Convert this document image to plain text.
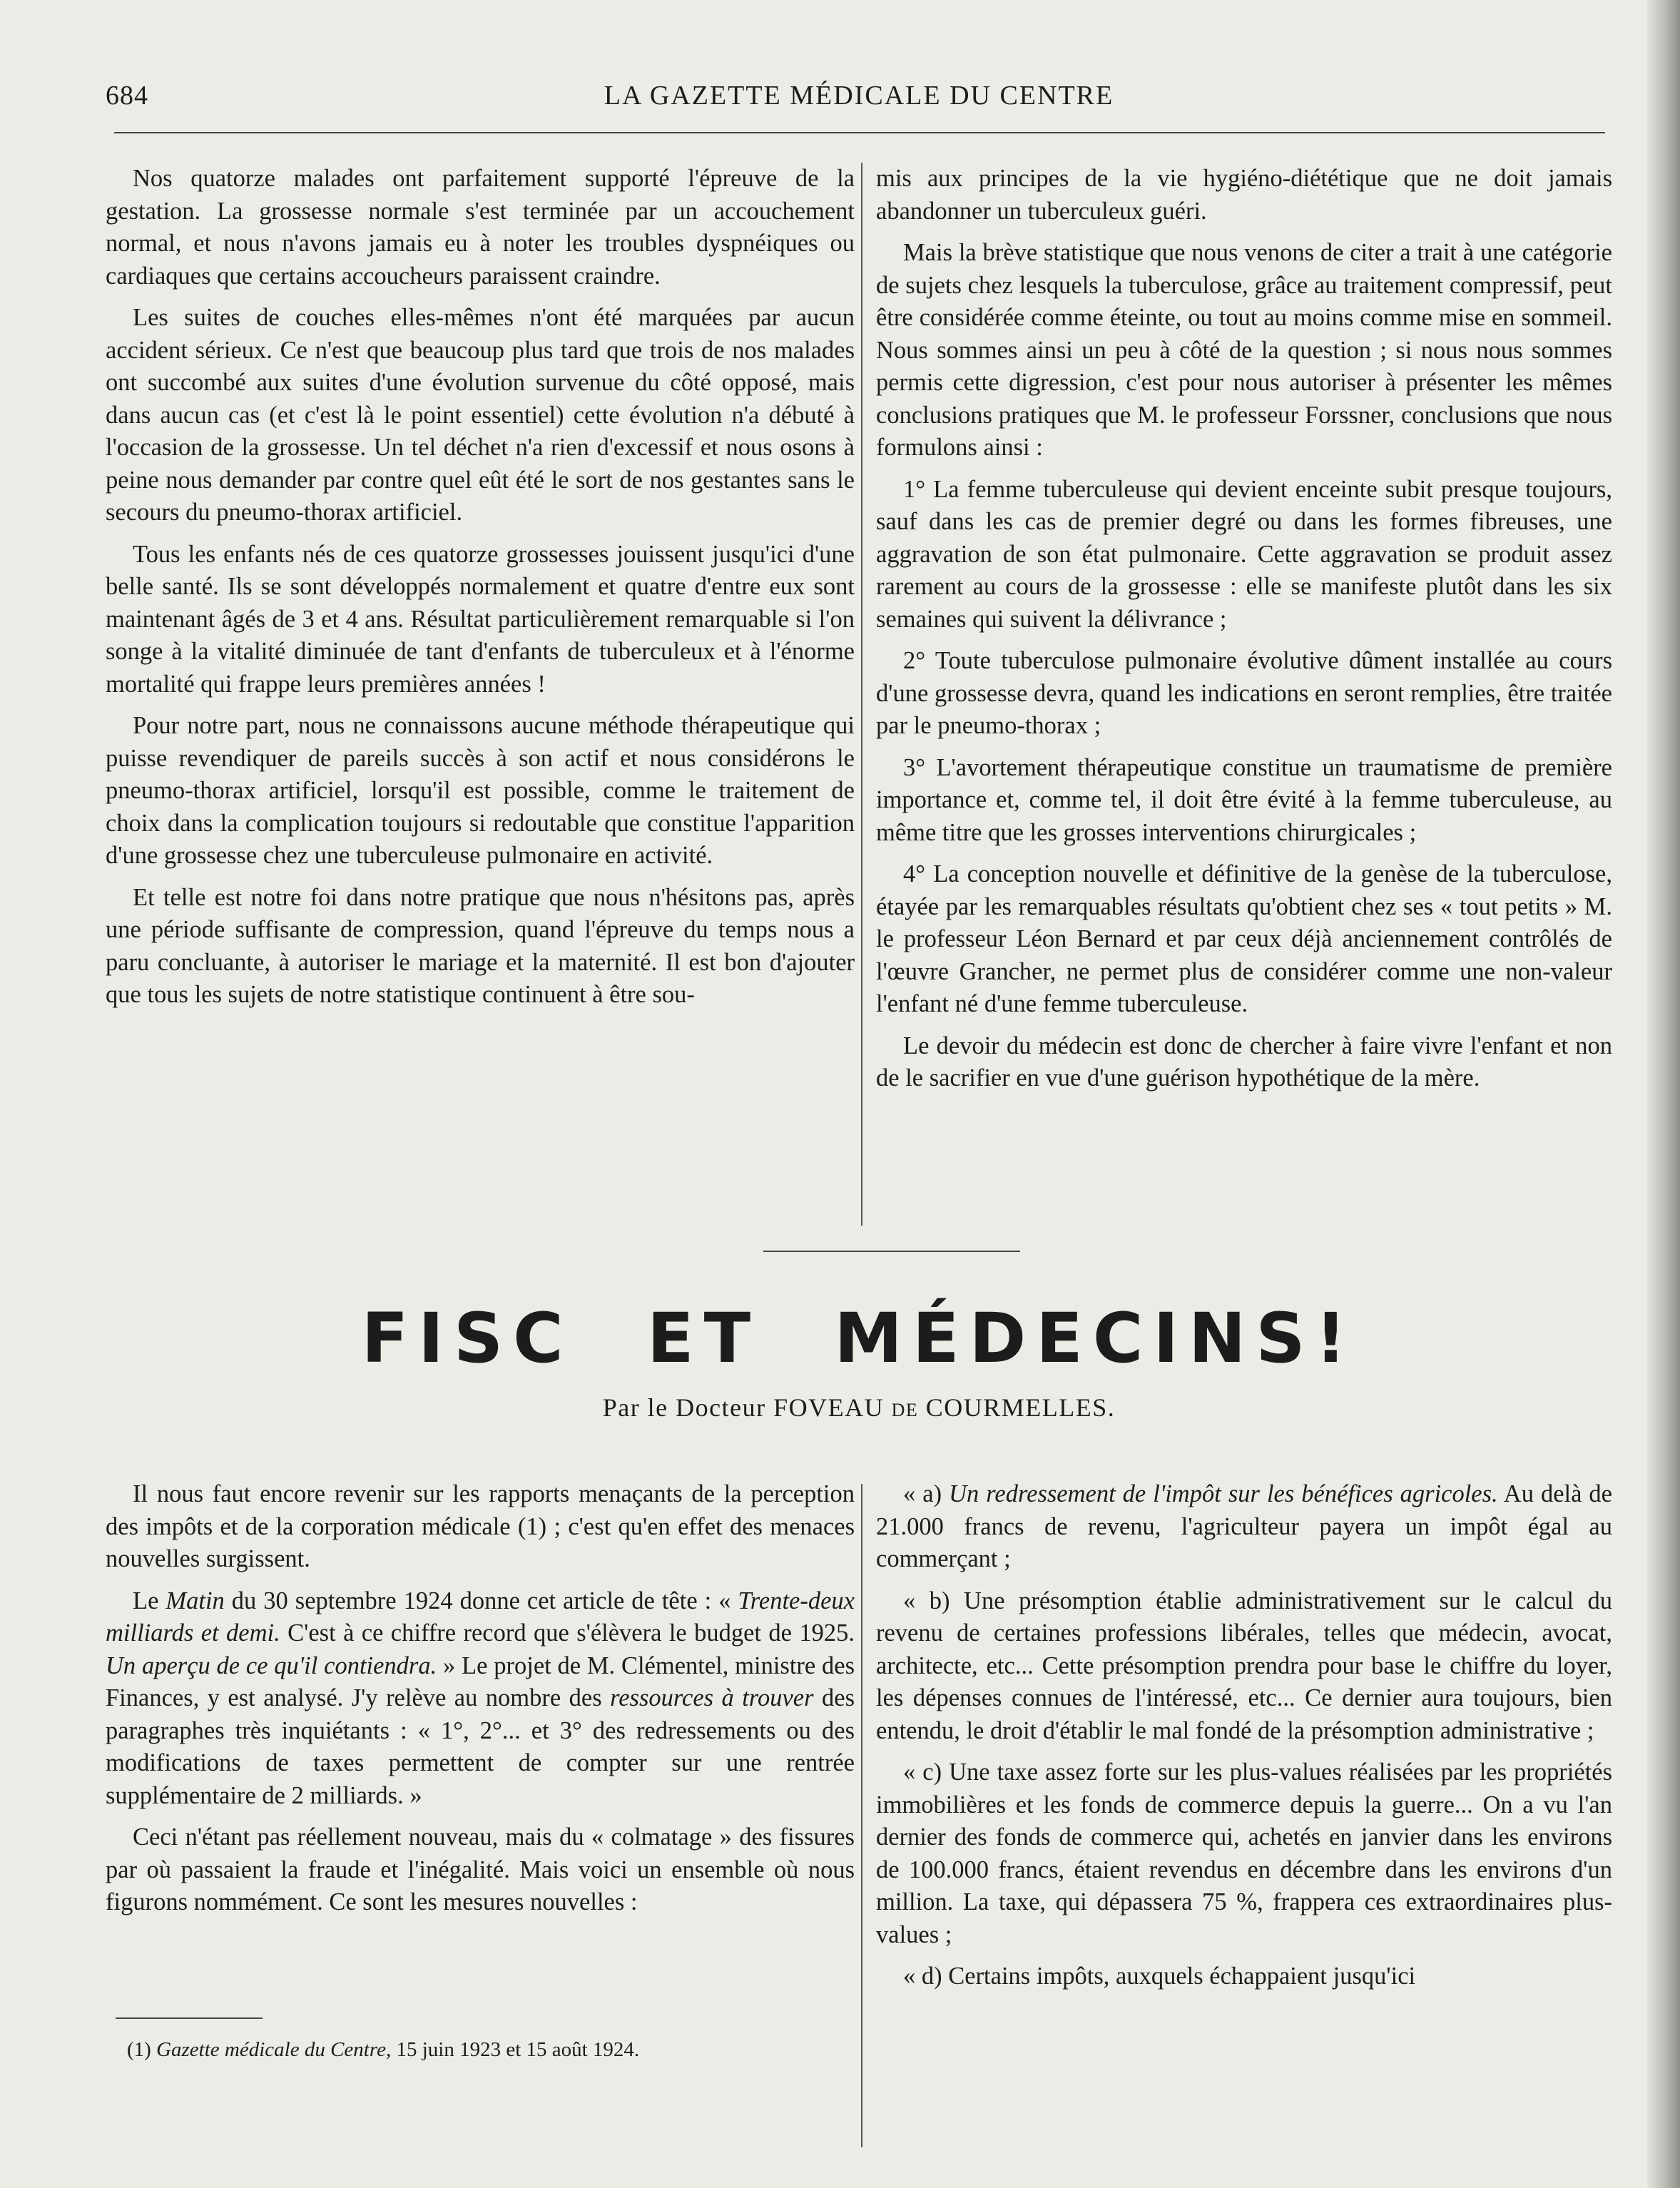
684	LA GAZETTE MÉDICALE DU CENTRE

Nos quatorze malades ont parfaitement supporté l'épreuve de la gestation. La grossesse normale s'est terminée par un accouchement normal, et nous n'avons jamais eu à noter les troubles dyspnéiques ou cardiaques que certains accoucheurs paraissent craindre.

Les suites de couches elles-mêmes n'ont été marquées par aucun accident sérieux. Ce n'est que beaucoup plus tard que trois de nos malades ont succombé aux suites d'une évolution survenue du côté opposé, mais dans aucun cas (et c'est là le point essentiel) cette évolution n'a débuté à l'occasion de la grossesse. Un tel déchet n'a rien d'excessif et nous osons à peine nous demander par contre quel eût été le sort de nos gestantes sans le secours du pneumo-thorax artificiel.

Tous les enfants nés de ces quatorze grossesses jouissent jusqu'ici d'une belle santé. Ils se sont développés normalement et quatre d'entre eux sont maintenant âgés de 3 et 4 ans. Résultat particulièrement remarquable si l'on songe à la vitalité diminuée de tant d'enfants de tuberculeux et à l'énorme mortalité qui frappe leurs premières années !

Pour notre part, nous ne connaissons aucune méthode thérapeutique qui puisse revendiquer de pareils succès à son actif et nous considérons le pneumo-thorax artificiel, lorsqu'il est possible, comme le traitement de choix dans la complication toujours si redoutable que constitue l'apparition d'une grossesse chez une tuberculeuse pulmonaire en activité.

Et telle est notre foi dans notre pratique que nous n'hésitons pas, après une période suffisante de compression, quand l'épreuve du temps nous a paru concluante, à autoriser le mariage et la maternité. Il est bon d'ajouter que tous les sujets de notre statistique continuent à être sou-

mis aux principes de la vie hygiéno-diététique que ne doit jamais abandonner un tuberculeux guéri.

Mais la brève statistique que nous venons de citer a trait à une catégorie de sujets chez lesquels la tuberculose, grâce au traitement compressif, peut être considérée comme éteinte, ou tout au moins comme mise en sommeil. Nous sommes ainsi un peu à côté de la question ; si nous nous sommes permis cette digression, c'est pour nous autoriser à présenter les mêmes conclusions pratiques que M. le professeur Forssner, conclusions que nous formulons ainsi :

1° La femme tuberculeuse qui devient enceinte subit presque toujours, sauf dans les cas de premier degré ou dans les formes fibreuses, une aggravation de son état pulmonaire. Cette aggravation se produit assez rarement au cours de la grossesse : elle se manifeste plutôt dans les six semaines qui suivent la délivrance ;

2° Toute tuberculose pulmonaire évolutive dûment installée au cours d'une grossesse devra, quand les indications en seront remplies, être traitée par le pneumo-thorax ;

3° L'avortement thérapeutique constitue un traumatisme de première importance et, comme tel, il doit être évité à la femme tuberculeuse, au même titre que les grosses interventions chirurgicales ;

4° La conception nouvelle et définitive de la genèse de la tuberculose, étayée par les remarquables résultats qu'obtient chez ses « tout petits » M. le professeur Léon Bernard et par ceux déjà anciennement contrôlés de l'œuvre Grancher, ne permet plus de considérer comme une non-valeur l'enfant né d'une femme tuberculeuse.

Le devoir du médecin est donc de chercher à faire vivre l'enfant et non de le sacrifier en vue d'une guérison hypothétique de la mère.

FISC ET MÉDECINS!
Par le Docteur FOVEAU DE COURMELLES.

Il nous faut encore revenir sur les rapports menaçants de la perception des impôts et de la corporation médicale (1) ; c'est qu'en effet des menaces nouvelles surgissent.

Le Matin du 30 septembre 1924 donne cet article de tête : « Trente-deux milliards et demi. C'est à ce chiffre record que s'élèvera le budget de 1925. Un aperçu de ce qu'il contiendra. » Le projet de M. Clémentel, ministre des Finances, y est analysé. J'y relève au nombre des ressources à trouver des paragraphes très inquiétants : « 1°, 2°... et 3° des redressements ou des modifications de taxes permettent de compter sur une rentrée supplémentaire de 2 milliards. »

Ceci n'étant pas réellement nouveau, mais du « colmatage » des fissures par où passaient la fraude et l'inégalité. Mais voici un ensemble où nous figurons nommément. Ce sont les mesures nouvelles :

« a) Un redressement de l'impôt sur les bénéfices agricoles. Au delà de 21.000 francs de revenu, l'agriculteur payera un impôt égal au commerçant ;

« b) Une présomption établie administrativement sur le calcul du revenu de certaines professions libérales, telles que médecin, avocat, architecte, etc... Cette présomption prendra pour base le chiffre du loyer, les dépenses connues de l'intéressé, etc... Ce dernier aura toujours, bien entendu, le droit d'établir le mal fondé de la présomption administrative ;

« c) Une taxe assez forte sur les plus-values réalisées par les propriétés immobilières et les fonds de commerce depuis la guerre... On a vu l'an dernier des fonds de commerce qui, achetés en janvier dans les environs de 100.000 francs, étaient revendus en décembre dans les environs d'un million. La taxe, qui dépassera 75 %, frappera ces extraordinaires plus-values ;

« d) Certains impôts, auxquels échappaient jusqu'ici

(1) Gazette médicale du Centre, 15 juin 1923 et 15 août 1924.
